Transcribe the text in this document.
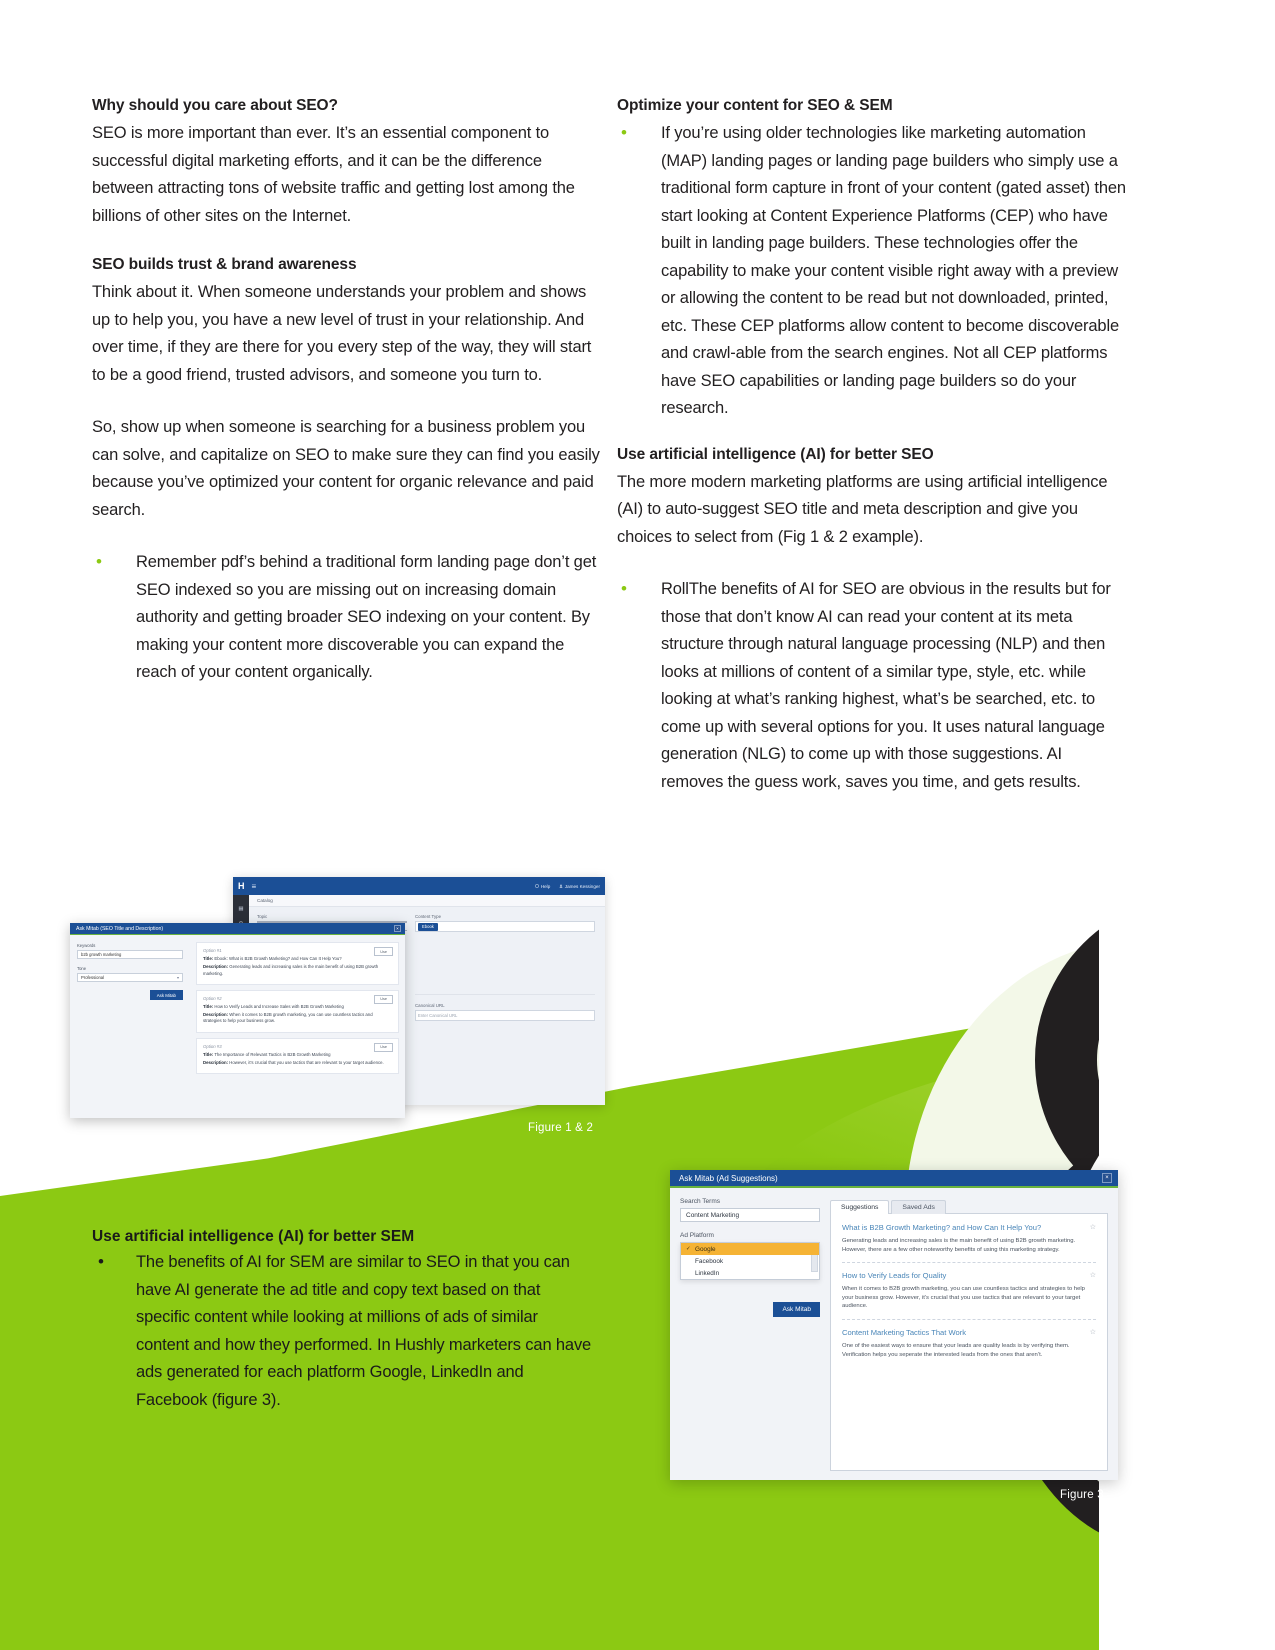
Why should you care about SEO?

SEO is more important than ever. It’s an essential component to successful digital marketing efforts, and it can be the difference between attracting tons of website traffic and getting lost among the billions of other sites on the Internet.

SEO builds trust & brand awareness

Think about it. When someone understands your problem and shows up to help you, you have a new level of trust in your relationship. And over time, if they are there for you every step of the way, they will start to be a good friend, trusted advisors, and someone you turn to.

So, show up when someone is searching for a business problem you can solve, and capitalize on SEO to make sure they can find you easily because you’ve optimized your content for organic relevance and paid search.

• Remember pdf’s behind a traditional form landing page don’t get SEO indexed so you are missing out on increasing domain authority and getting broader SEO indexing on your content. By making your content more discoverable you can expand the reach of your content organically.
Optimize your content for SEO & SEM
• If you’re using older technologies like marketing automation (MAP) landing pages or landing page builders who simply use a traditional form capture in front of your content (gated asset) then start looking at Content Experience Platforms (CEP) who have built in landing page builders. These technologies offer the capability to make your content visible right away with a preview or allowing the content to be read but not downloaded, printed, etc. These CEP platforms allow content to become discoverable and crawl-able from the search engines. Not all CEP platforms have SEO capabilities or landing page builders so do your research.
Use artificial intelligence (AI) for better SEO

The more modern marketing platforms are using artificial intelligence (AI) to auto-suggest SEO title and meta description and give you choices to select from (Fig 1 & 2 example).

• RollThe benefits of AI for SEO are obvious in the results but for those that don’t know AI can read your content at its meta structure through natural language processing (NLP) and then looks at millions of content of a similar type, style, etc. while looking at what’s ranking highest, what’s be searched, etc. to come up with several options for you. It uses natural language generation (NLG) to come up with those suggestions. AI removes the guess work, saves you time, and gets results.
H ≡	Help	James Kessinger
▦
Catalog
Topic	Content Type
Ebook
Canonical URL
Enter Canonical URL
Ask Mitab (SEO Title and Description)	×
Keywords
b2b growth marketing
Tone
Professional	▾
Ask Mitab
Use
Option #1
Title: Ebook: What is B2B Growth Marketing? and How Can It Help You?
Description: Generating leads and increasing sales is the main benefit of using B2B growth marketing.
Use
Option #2
Title: How to Verify Leads and Increase Sales with B2B Growth Marketing
Description: When it comes to B2B growth marketing, you can use countless tactics and strategies to help your business grow.
Use
Option #3
Title: The Importance of Relevant Tactics in B2B Growth Marketing
Description: However, it’s crucial that you use tactics that are relevant to your target audience.
Figure 1 & 2
Use artificial intelligence (AI) for better SEM
• The benefits of AI for SEM are similar to SEO in that you can have AI generate the ad title and copy text based on that specific content while looking at millions of ads of similar content and how they performed. In Hushly marketers can have ads generated for each platform Google, LinkedIn and Facebook (figure 3).
Ask Mitab (Ad Suggestions)	×
Search Terms
Content Marketing
Ad Platform
✓ Google
Facebook
LinkedIn
Ask Mitab
Suggestions	Saved Ads
☆
What is B2B Growth Marketing? and How Can It Help You?
Generating leads and increasing sales is the main benefit of using B2B growth marketing. However, there are a few other noteworthy benefits of using this marketing strategy.
☆
How to Verify Leads for Quality
When it comes to B2B growth marketing, you can use countless tactics and strategies to help your business grow. However, it’s crucial that you use tactics that are relevant to your target audience.
☆
Content Marketing Tactics That Work
One of the easiest ways to ensure that your leads are quality leads is by verifying them. Verification helps you seperate the interested leads from the ones that aren’t.
Figure 3
